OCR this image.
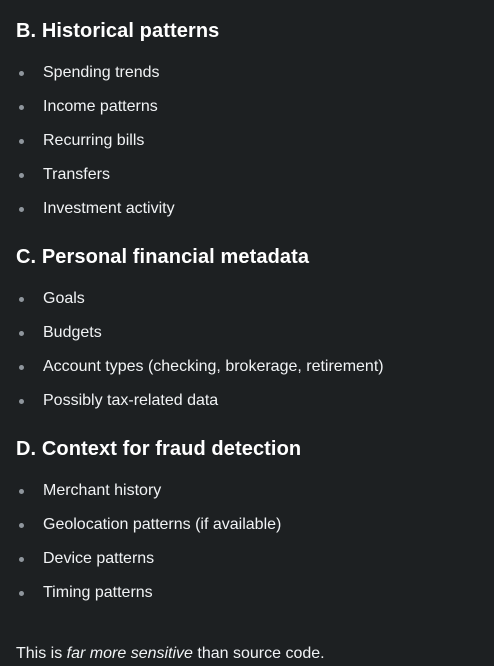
B. Historical patterns
Spending trends
Income patterns
Recurring bills
Transfers
Investment activity
C. Personal financial metadata
Goals
Budgets
Account types (checking, brokerage, retirement)
Possibly tax-related data
D. Context for fraud detection
Merchant history
Geolocation patterns (if available)
Device patterns
Timing patterns

This is far more sensitive than source code.
